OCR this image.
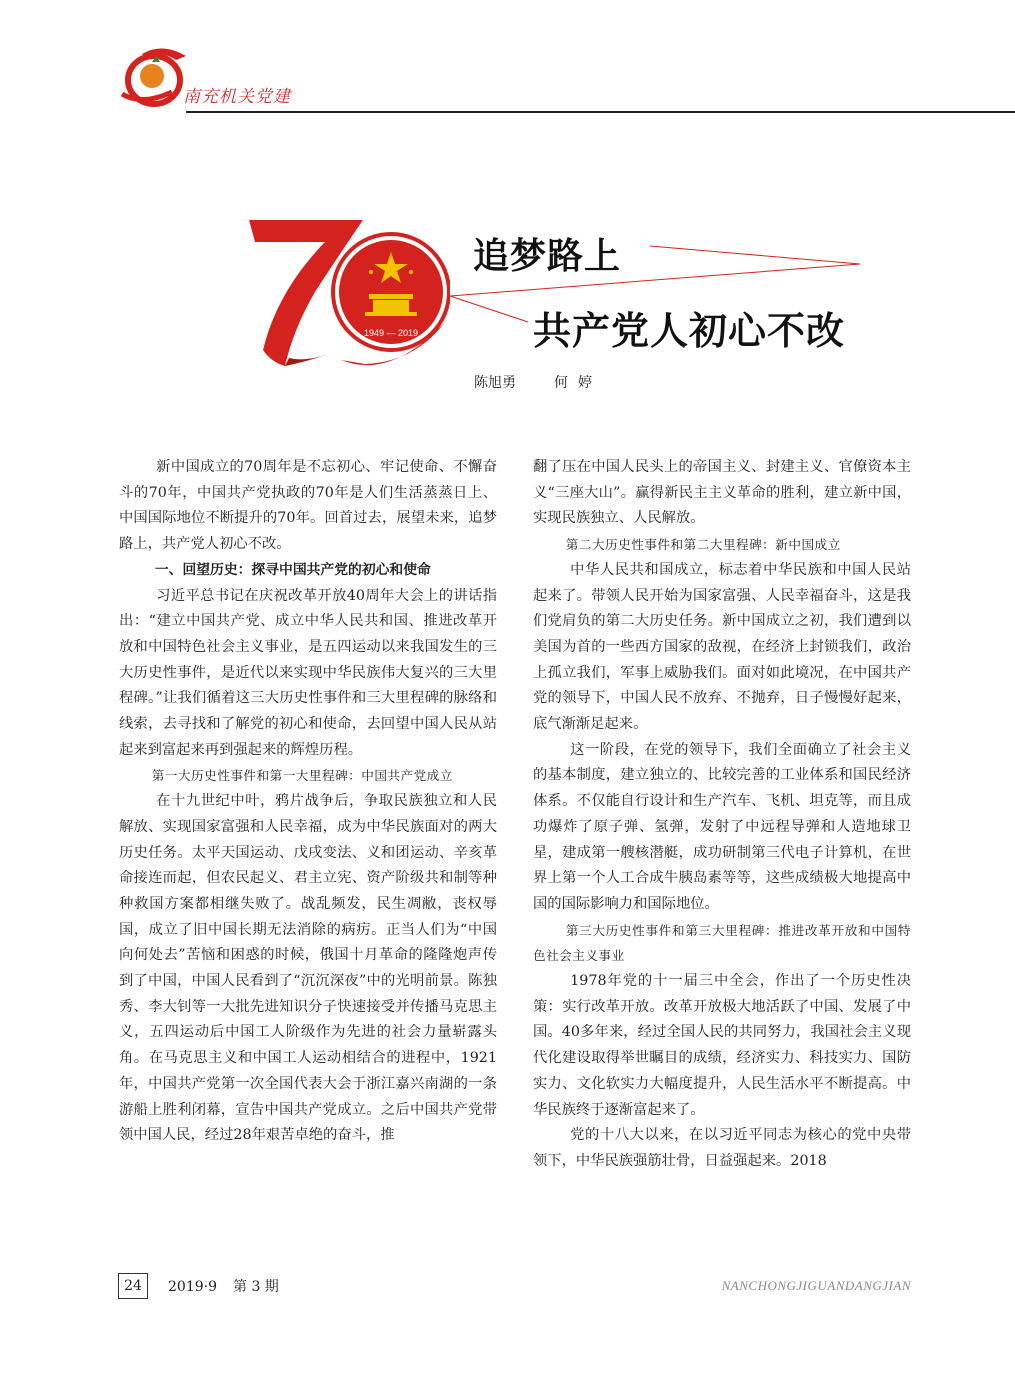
南充机关党建
1949 — 2019
追梦路上
共产党人初心不改
陈旭勇	何婷

新中国成立的70周年是不忘初心、牢记使命、不懈奋斗的70年，中国共产党执政的70年是人们生活蒸蒸日上、中国国际地位不断提升的70年。回首过去，展望未来，追梦路上，共产党人初心不改。

一、回望历史：探寻中国共产党的初心和使命

习近平总书记在庆祝改革开放40周年大会上的讲话指出：“建立中国共产党、成立中华人民共和国、推进改革开放和中国特色社会主义事业，是五四运动以来我国发生的三大历史性事件，是近代以来实现中华民族伟大复兴的三大里程碑。”让我们循着这三大历史性事件和三大里程碑的脉络和线索，去寻找和了解党的初心和使命，去回望中国人民从站起来到富起来再到强起来的辉煌历程。

第一大历史性事件和第一大里程碑：中国共产党成立

在十九世纪中叶，鸦片战争后，争取民族独立和人民解放、实现国家富强和人民幸福，成为中华民族面对的两大历史任务。太平天国运动、戊戌变法、义和团运动、辛亥革命接连而起，但农民起义、君主立宪、资产阶级共和制等种种救国方案都相继失败了。战乱频发，民生凋敝，丧权辱国，成立了旧中国长期无法消除的病疠。正当人们为“中国向何处去”苦恼和困惑的时候，俄国十月革命的隆隆炮声传到了中国，中国人民看到了“沉沉深夜”中的光明前景。陈独秀、李大钊等一大批先进知识分子快速接受并传播马克思主义，五四运动后中国工人阶级作为先进的社会力量崭露头角。在马克思主义和中国工人运动相结合的进程中，1921年，中国共产党第一次全国代表大会于浙江嘉兴南湖的一条游船上胜利闭幕，宣告中国共产党成立。之后中国共产党带领中国人民，经过28年艰苦卓绝的奋斗，推

翻了压在中国人民头上的帝国主义、封建主义、官僚资本主义“三座大山”。赢得新民主主义革命的胜利，建立新中国，实现民族独立、人民解放。

第二大历史性事件和第二大里程碑：新中国成立

中华人民共和国成立，标志着中华民族和中国人民站起来了。带领人民开始为国家富强、人民幸福奋斗，这是我们党肩负的第二大历史任务。新中国成立之初，我们遭到以美国为首的一些西方国家的敌视，在经济上封锁我们，政治上孤立我们，军事上威胁我们。面对如此境况，在中国共产党的领导下，中国人民不放弃、不抛弃，日子慢慢好起来，底气渐渐足起来。

这一阶段，在党的领导下，我们全面确立了社会主义的基本制度，建立独立的、比较完善的工业体系和国民经济体系。不仅能自行设计和生产汽车、飞机、坦克等，而且成功爆炸了原子弹、氢弹，发射了中远程导弹和人造地球卫星，建成第一艘核潜艇，成功研制第三代电子计算机，在世界上第一个人工合成牛胰岛素等等，这些成绩极大地提高中国的国际影响力和国际地位。

第三大历史性事件和第三大里程碑：推进改革开放和中国特色社会主义事业

1978年党的十一届三中全会，作出了一个历史性决策：实行改革开放。改革开放极大地活跃了中国、发展了中国。40多年来，经过全国人民的共同努力，我国社会主义现代化建设取得举世瞩目的成绩，经济实力、科技实力、国防实力、文化软实力大幅度提升，人民生活水平不断提高。中华民族终于逐渐富起来了。

党的十八大以来，在以习近平同志为核心的党中央带领下，中华民族强筋壮骨，日益强起来。2018

24	2019·9 第 3 期	NANCHONGJIGUANDANGJIAN
